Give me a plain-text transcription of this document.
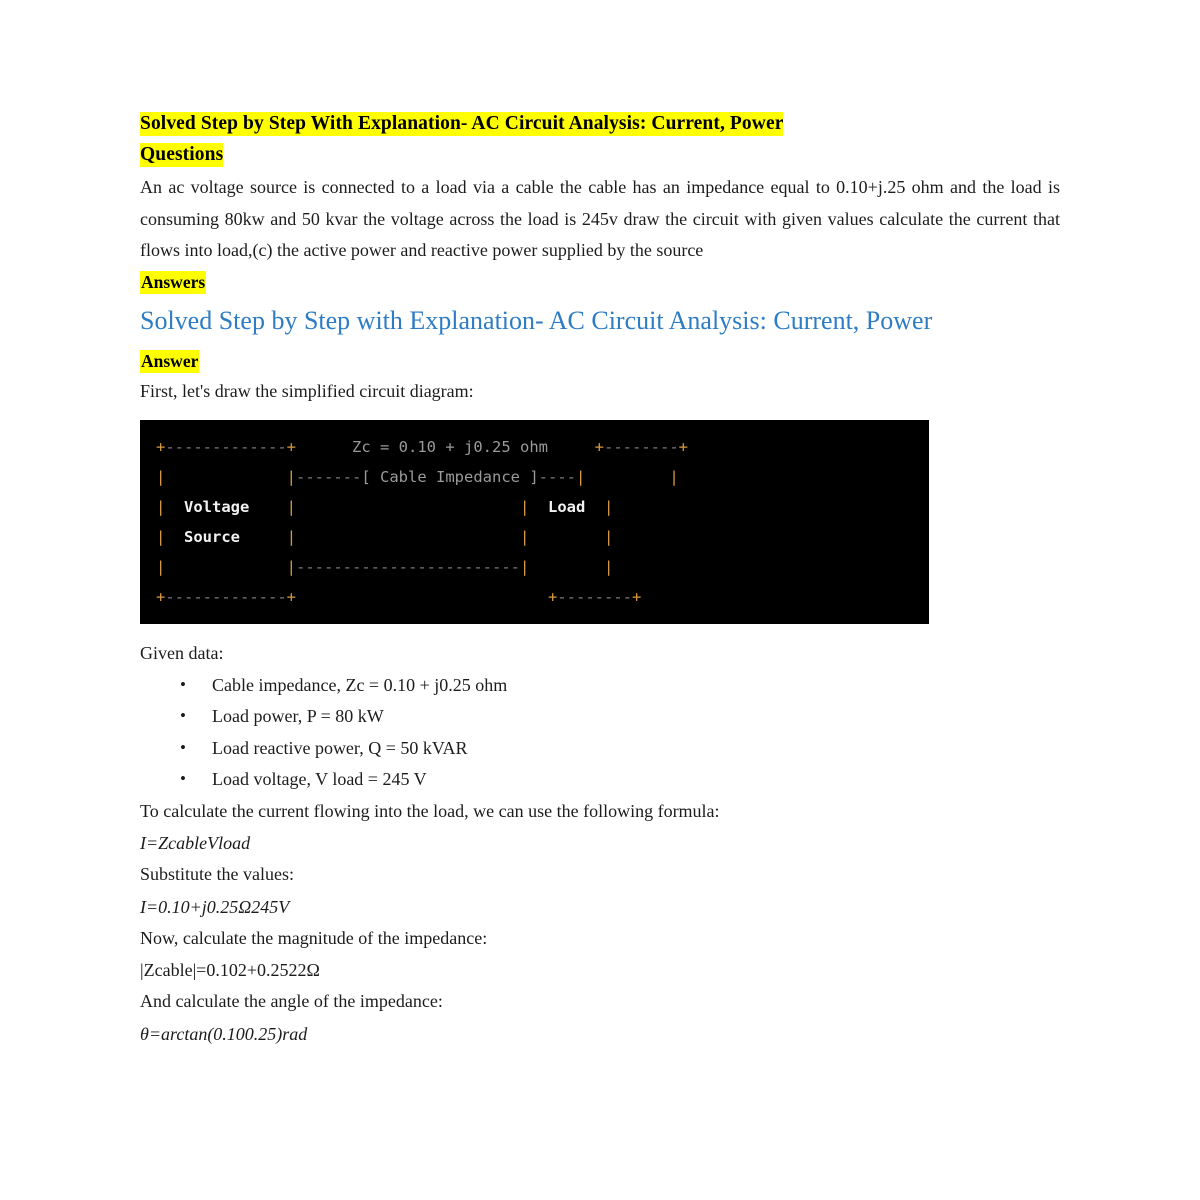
Solved Step by Step With Explanation- AC Circuit Analysis: Current, Power
Questions

An ac voltage source is connected to a load via a cable the cable has an impedance equal to 0.10+j.25 ohm and the load is consuming 80kw and 50 kvar the voltage across the load is 245v draw the circuit with given values calculate the current that flows into load,(c) the active power and reactive power supplied by the source

Answers
Solved Step by Step with Explanation- AC Circuit Analysis: Current, Power
Answer

First, let's draw the simplified circuit diagram:

+-------------+	Zc = 0.10 + j0.25 ohm	+--------+
|	|-------[ Cable Impedance ]----|	|
| Voltage |	| Load |
| Source	|	|	|
|	|------------------------|	|
+-------------+	+--------+

Given data:

• Cable impedance, Zc = 0.10 + j0.25 ohm
• Load power, P = 80 kW
• Load reactive power, Q = 50 kVAR
• Load voltage, V load = 245 V

To calculate the current flowing into the load, we can use the following formula:

I=ZcableVload

Substitute the values:

I=0.10+j0.25Ω245V

Now, calculate the magnitude of the impedance:

|Zcable|=0.102+0.2522Ω

And calculate the angle of the impedance:

θ=arctan(0.100.25)rad
